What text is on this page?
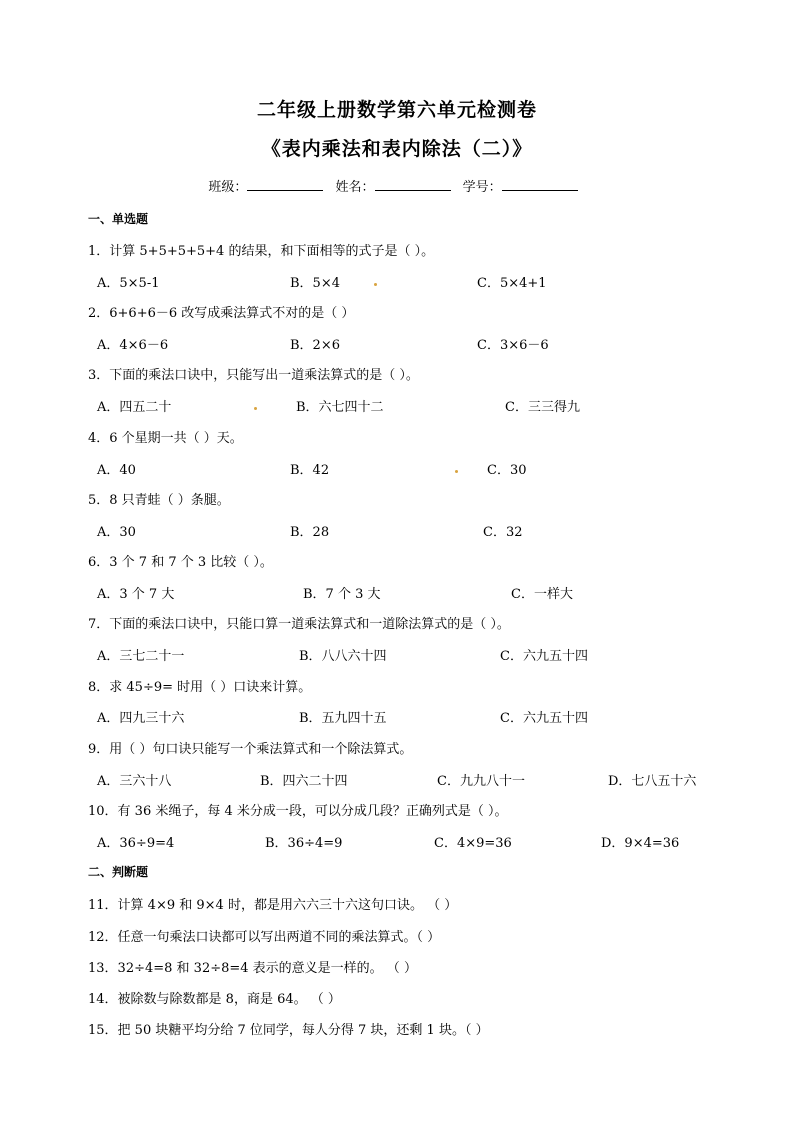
二年级上册数学第六单元检测卷
《表内乘法和表内除法（二）》
班级：	姓名：	学号：
一、单选题
1．计算 5+5+5+5+4 的结果，和下面相等的式子是（ ）。
A．5×5-1	B．5×4	C．5×4+1
2．6+6+6－6 改写成乘法算式不对的是（ ）
A．4×6－6	B．2×6	C．3×6－6
3．下面的乘法口诀中，只能写出一道乘法算式的是（ ）。
A．四五二十	B．六七四十二	C．三三得九
4．6 个星期一共（ ）天。
A．40	B．42	C．30
5．8 只青蛙（ ）条腿。
A．30	B．28	C．32
6．3 个 7 和 7 个 3 比较（ ）。
A．3 个 7 大	B．7 个 3 大	C．一样大
7．下面的乘法口诀中，只能口算一道乘法算式和一道除法算式的是（ ）。
A．三七二十一	B．八八六十四	C．六九五十四
8．求 45÷9= 时用（ ）口诀来计算。
A．四九三十六	B．五九四十五	C．六九五十四
9．用（ ）句口诀只能写一个乘法算式和一个除法算式。
A．三六十八	B．四六二十四	C．九九八十一	D．七八五十六
10．有 36 米绳子，每 4 米分成一段，可以分成几段？正确列式是（ ）。
A．36÷9=4	B．36÷4=9	C．4×9=36	D．9×4=36
二、判断题
11．计算 4×9 和 9×4 时，都是用六六三十六这句口诀。 （ ）
12．任意一句乘法口诀都可以写出两道不同的乘法算式。（ ）
13．32÷4=8 和 32÷8=4 表示的意义是一样的。 （ ）
14．被除数与除数都是 8，商是 64。 （ ）
15．把 50 块糖平均分给 7 位同学，每人分得 7 块，还剩 1 块。（ ）
